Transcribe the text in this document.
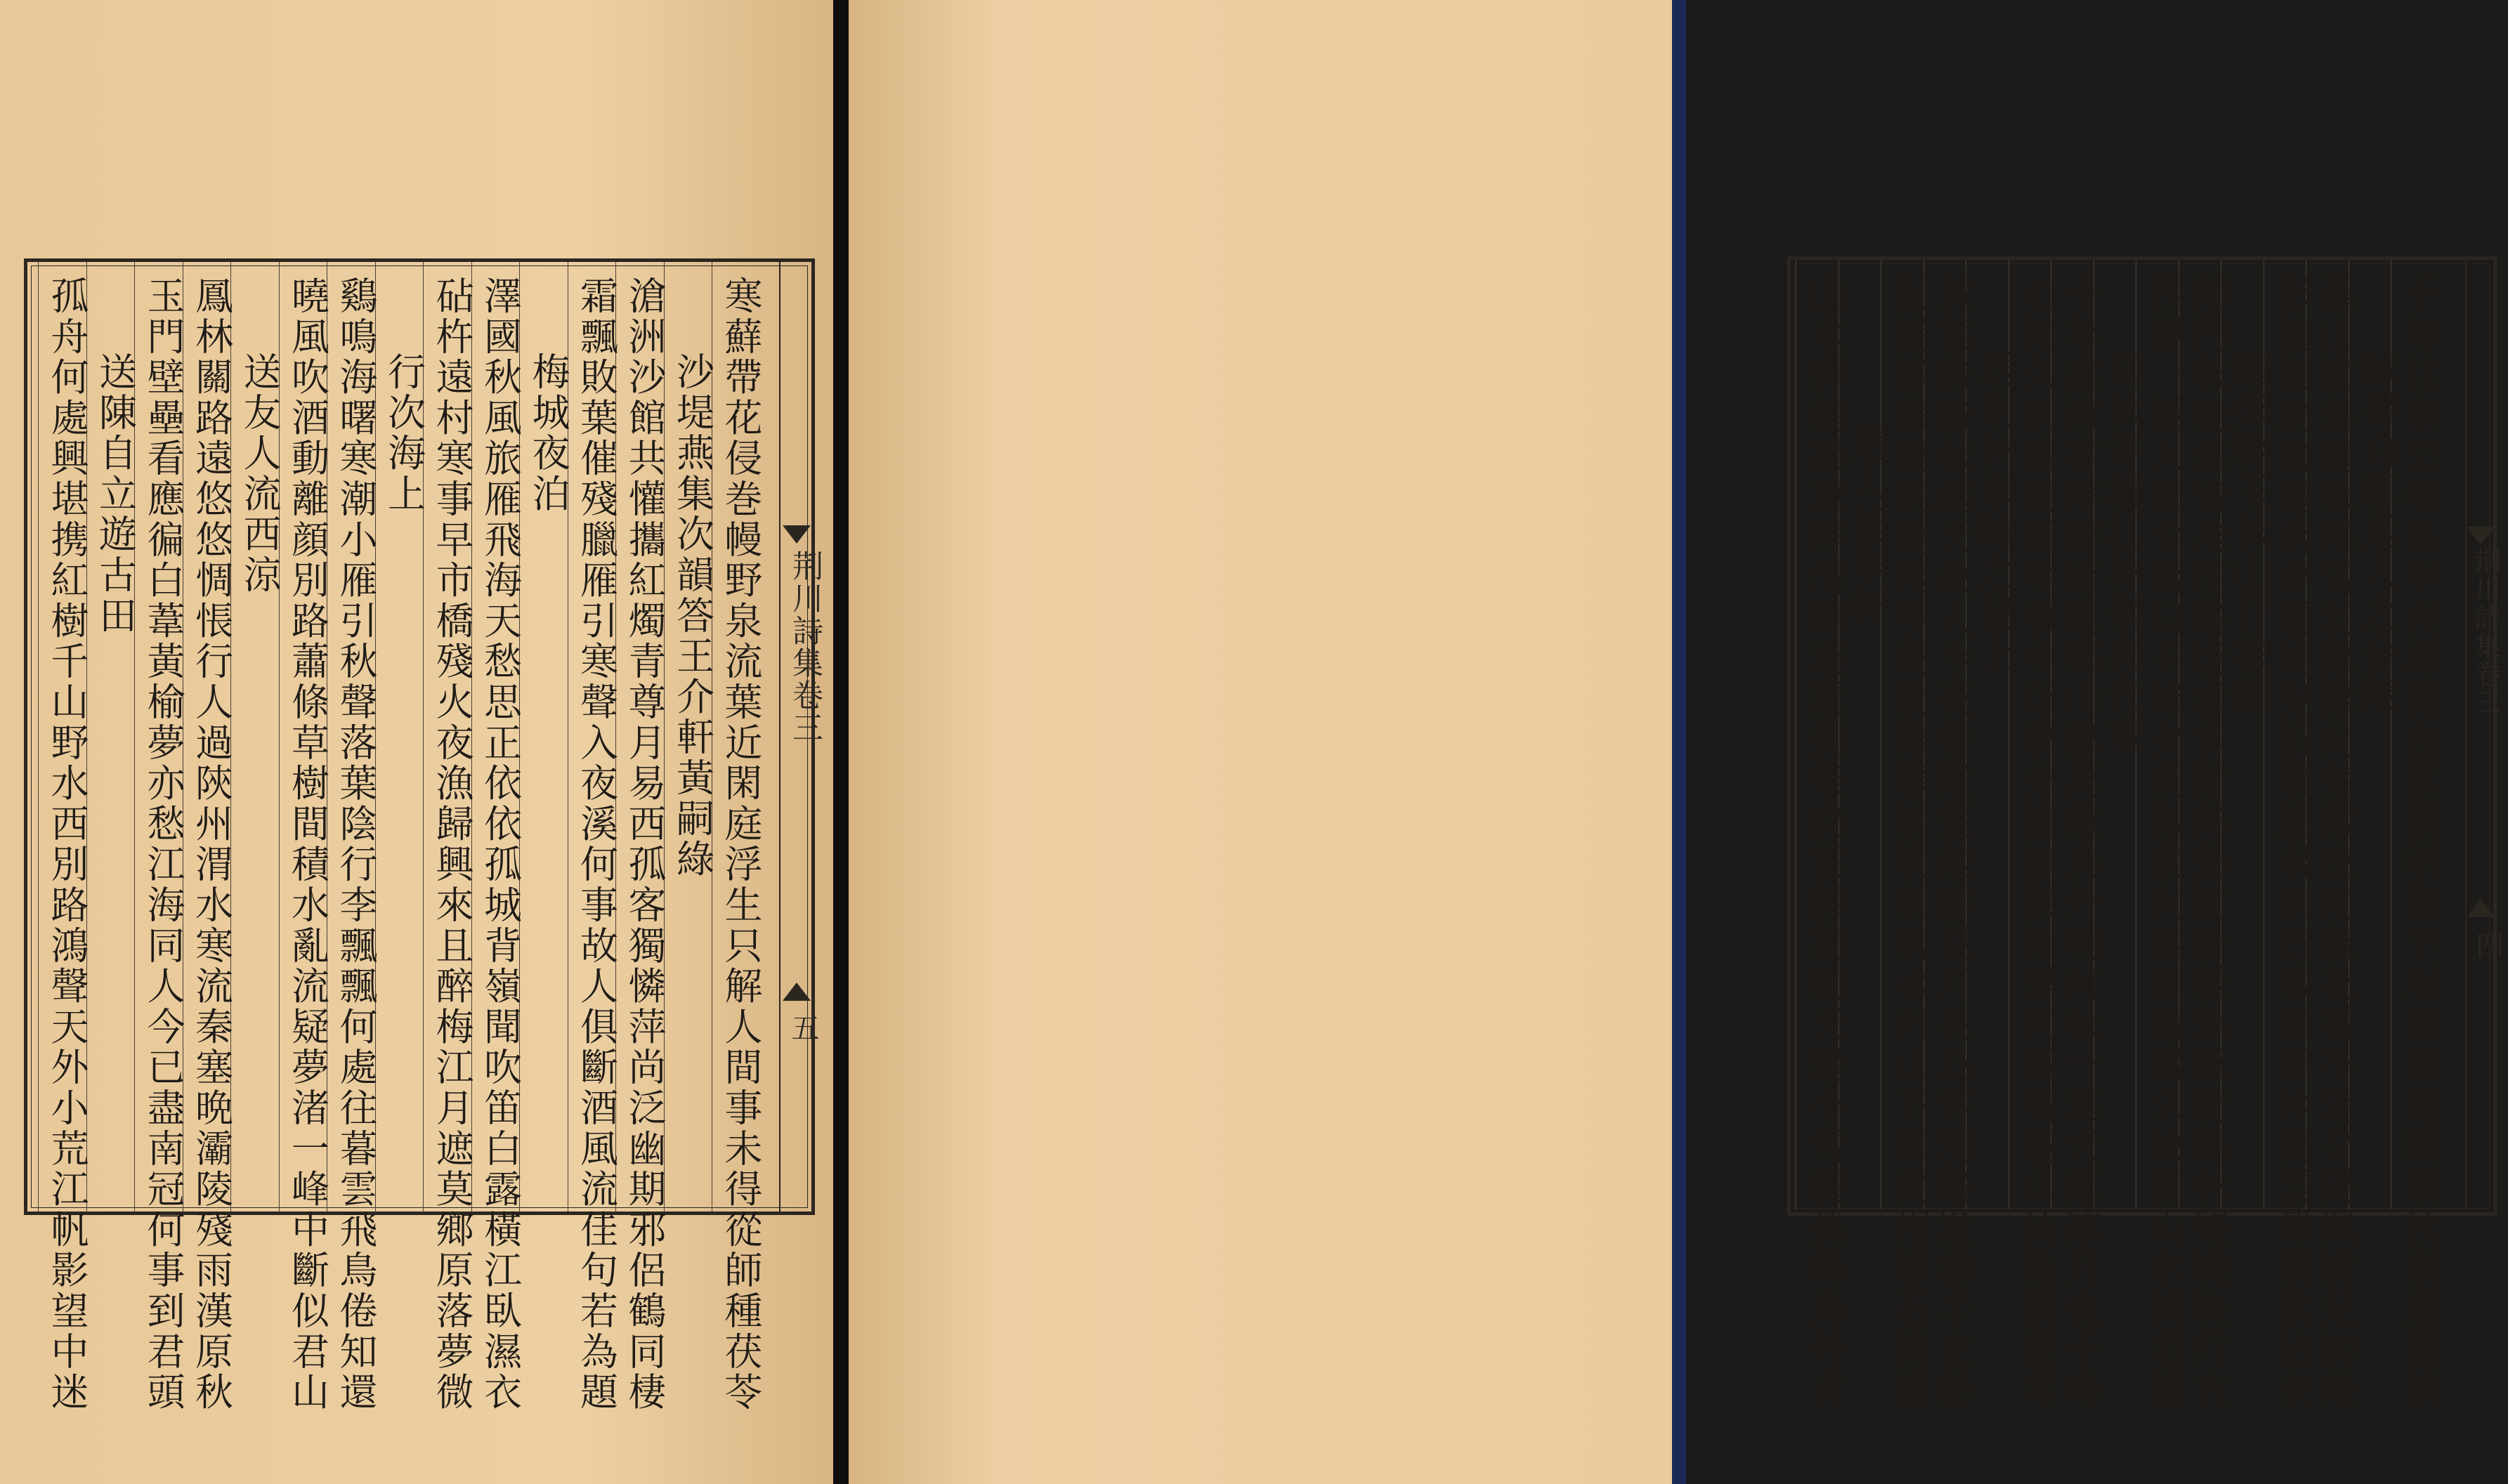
寒蘚帶花侵巻幔野泉流葉近閑庭浮生只解人間事未得從師種茯苓
沙堤燕集次韻答王介軒黃嗣綠
滄洲沙館共懽攜紅燭青尊月易西孤客獨憐萍尚泛幽期邪侶鶴同棲
霜飄敗葉催殘臘雁引寒聲入夜溪何事故人俱斷酒風流佳句若為題
梅城夜泊
澤國秋風旅雁飛海天愁思正依依孤城背嶺聞吹笛白露橫江臥濕衣
砧杵遠村寒事早市橋殘火夜漁歸興來且醉梅江月遮莫鄉原落夢微
行次海上
鷄鳴海曙寒潮小雁引秋聲落葉陰行李飄飄何處往暮雲飛鳥倦知還
曉風吹酒動離顔別路蕭條草樹間積水亂流疑夢渚一峰中斷似君山
送友人流西涼
鳳林關路遠悠悠惆悵行人過陝州渭水寒流秦塞晩灞陵殘雨漢原秋
玉門壁壘看應徧白葦黃榆夢亦愁江海同人今已盡南冠何事到君頭
送陳自立遊古田
孤舟何處興堪携紅樹千山野水西別路鴻聲天外小荒江帆影望中迷	荆川詩集卷三
五	千年往事空啼鳥半夜疎鐘自落潮明發不堪回首處暝烟秋雨過楓橋
賦得白雁送人之金陵
燕山榆葉望秋稀雪羽瀟瀟向楚微夜雨蘆花看不定夕陽楓樹見初飛
影隨漢騎營邊落夢遶胡兒笛裏歸君到石城霜漸冷莫雲聲斷欲沾衣
題彭翾玉秋山行旅圖
閉門秋晩葉皆飛征路逢霜客漸稀獨樹斷猨愁遠騎隔林殘燒映行衣
西風一飯人烟少落日千峰夕鳥微莫向他鄉留滯久故園山水候君歸
初秋寄清江林崇高先輩
十年滄海寄萍蹤迢遞鄉山思萬重鳥外明河秋一葉天涯凉月夜千峰
心知久別魂應斷生事中年夢亦慵無限相思何處着越山仙島樹蒙茸
送別林彥時之建上
黃葉紛紛秋滿天故人今夜惜離筵他鄉見月長為客別路逢霜半在船
劒浦綠蕪連晩燒幔亭荒樹帶寒烟明朝碧水丹山下知爾相思若箇邊
道人延翠軒
山水嬋娟掃黛屏清暉迢遞到柴扃雲歸獨樹天邊小雪麗孤峰鳥外青	荆川詩集卷三
四
